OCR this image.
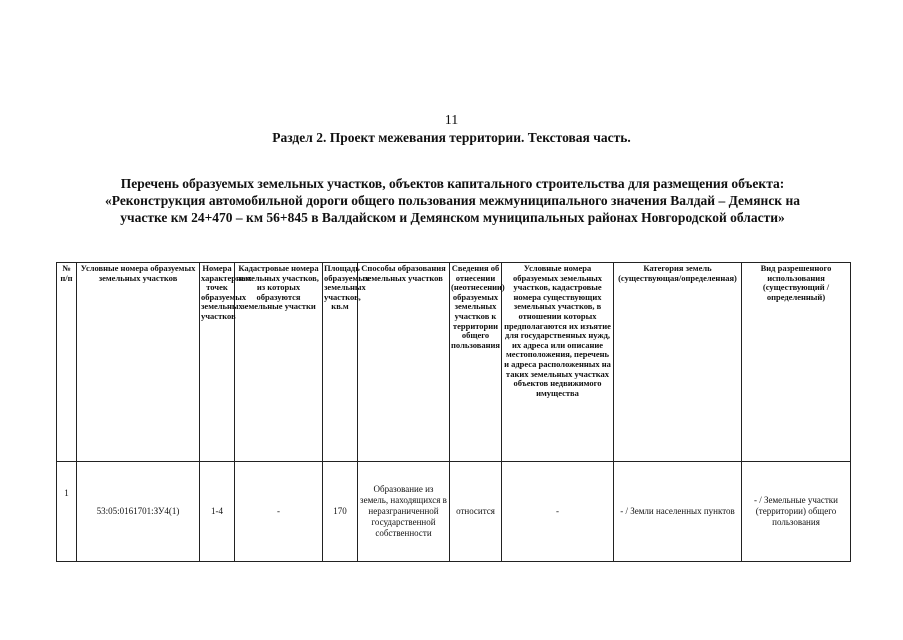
11
Раздел 2. Проект межевания территории. Текстовая часть.
Перечень образуемых земельных участков, объектов капитального строительства для размещения объекта:
«Реконструкция автомобильной дороги общего пользования межмуниципального значения Валдай – Демянск на
участке км 24+470 – км 56+845 в Валдайском и Демянском муниципальных районах Новгородской области»
№ п/п	Условные номера образуемых земельных участков	Номера характерных точек образуемых земельных участков	Кадастровые номера земельных участков, из которых образуются земельные участки	Площадь образуемых земельных участков, кв.м	Способы образования земельных участков	Сведения об отнесении (неотнесении) образуемых земельных участков к территории общего пользования	Условные номера образуемых земельных участков, кадастровые номера существующих земельных участков, в отношении которых предполагаются их изъятие для государственных нужд, их адреса или описание местоположения, перечень и адреса расположенных на таких земельных участках объектов недвижимого имущества	Категория земель (существующая/определенная)	Вид разрешенного использования (существующий / определенный)
1	53:05:0161701:ЗУ4(1)	1-4	-	170	Образование из земель, находящихся в неразграниченной государственной собственности	относится	-	- / Земли населенных пунктов	- / Земельные участки (территории) общего пользования
